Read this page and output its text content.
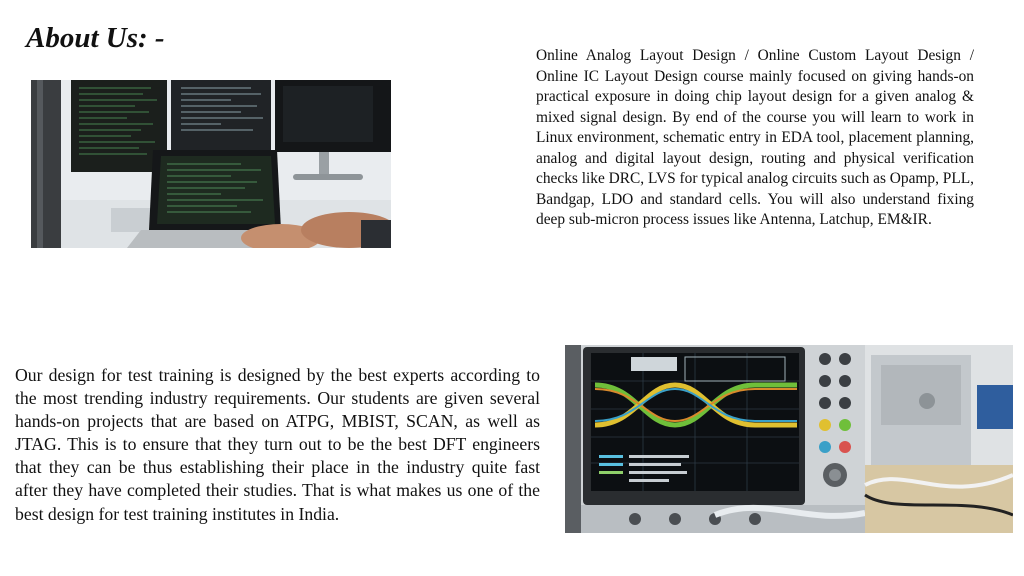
About Us: -

Online Analog Layout Design / Online Custom Layout Design / Online IC Layout Design course mainly focused on giving hands-on practical exposure in doing chip layout design for a given analog & mixed signal design. By end of the course you will learn to work in Linux environment, schematic entry in EDA tool, placement planning, analog and digital layout design, routing and physical verification checks like DRC, LVS for typical analog circuits such as Opamp, PLL, Bandgap, LDO and standard cells. You will also understand fixing deep sub-micron process issues like Antenna, Latchup, EM&IR.

Our design for test training is designed by the best experts according to the most trending industry requirements. Our students are given several hands-on projects that are based on ATPG, MBIST, SCAN, as well as JTAG. This is to ensure that they turn out to be the best DFT engineers that they can be thus establishing their place in the industry quite fast after they have completed their studies. That is what makes us one of the best design for test training institutes in India.
